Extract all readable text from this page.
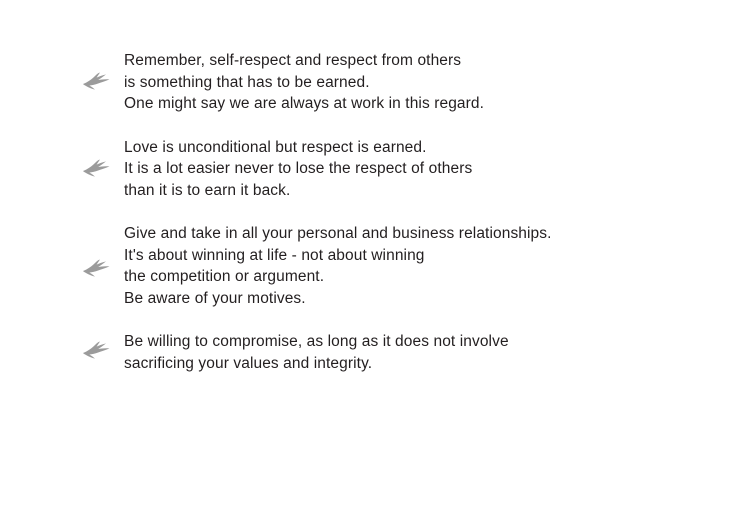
Remember, self-respect and respect from others
is something that has to be earned.
One might say we are always at work in this regard.
Love is unconditional but respect is earned.
It is a lot easier never to lose the respect of others
than it is to earn it back.
Give and take in all your personal and business relationships.
It's about winning at life - not about winning
the competition or argument.
Be aware of your motives.
Be willing to compromise, as long as it does not involve
sacrificing your values and integrity.
